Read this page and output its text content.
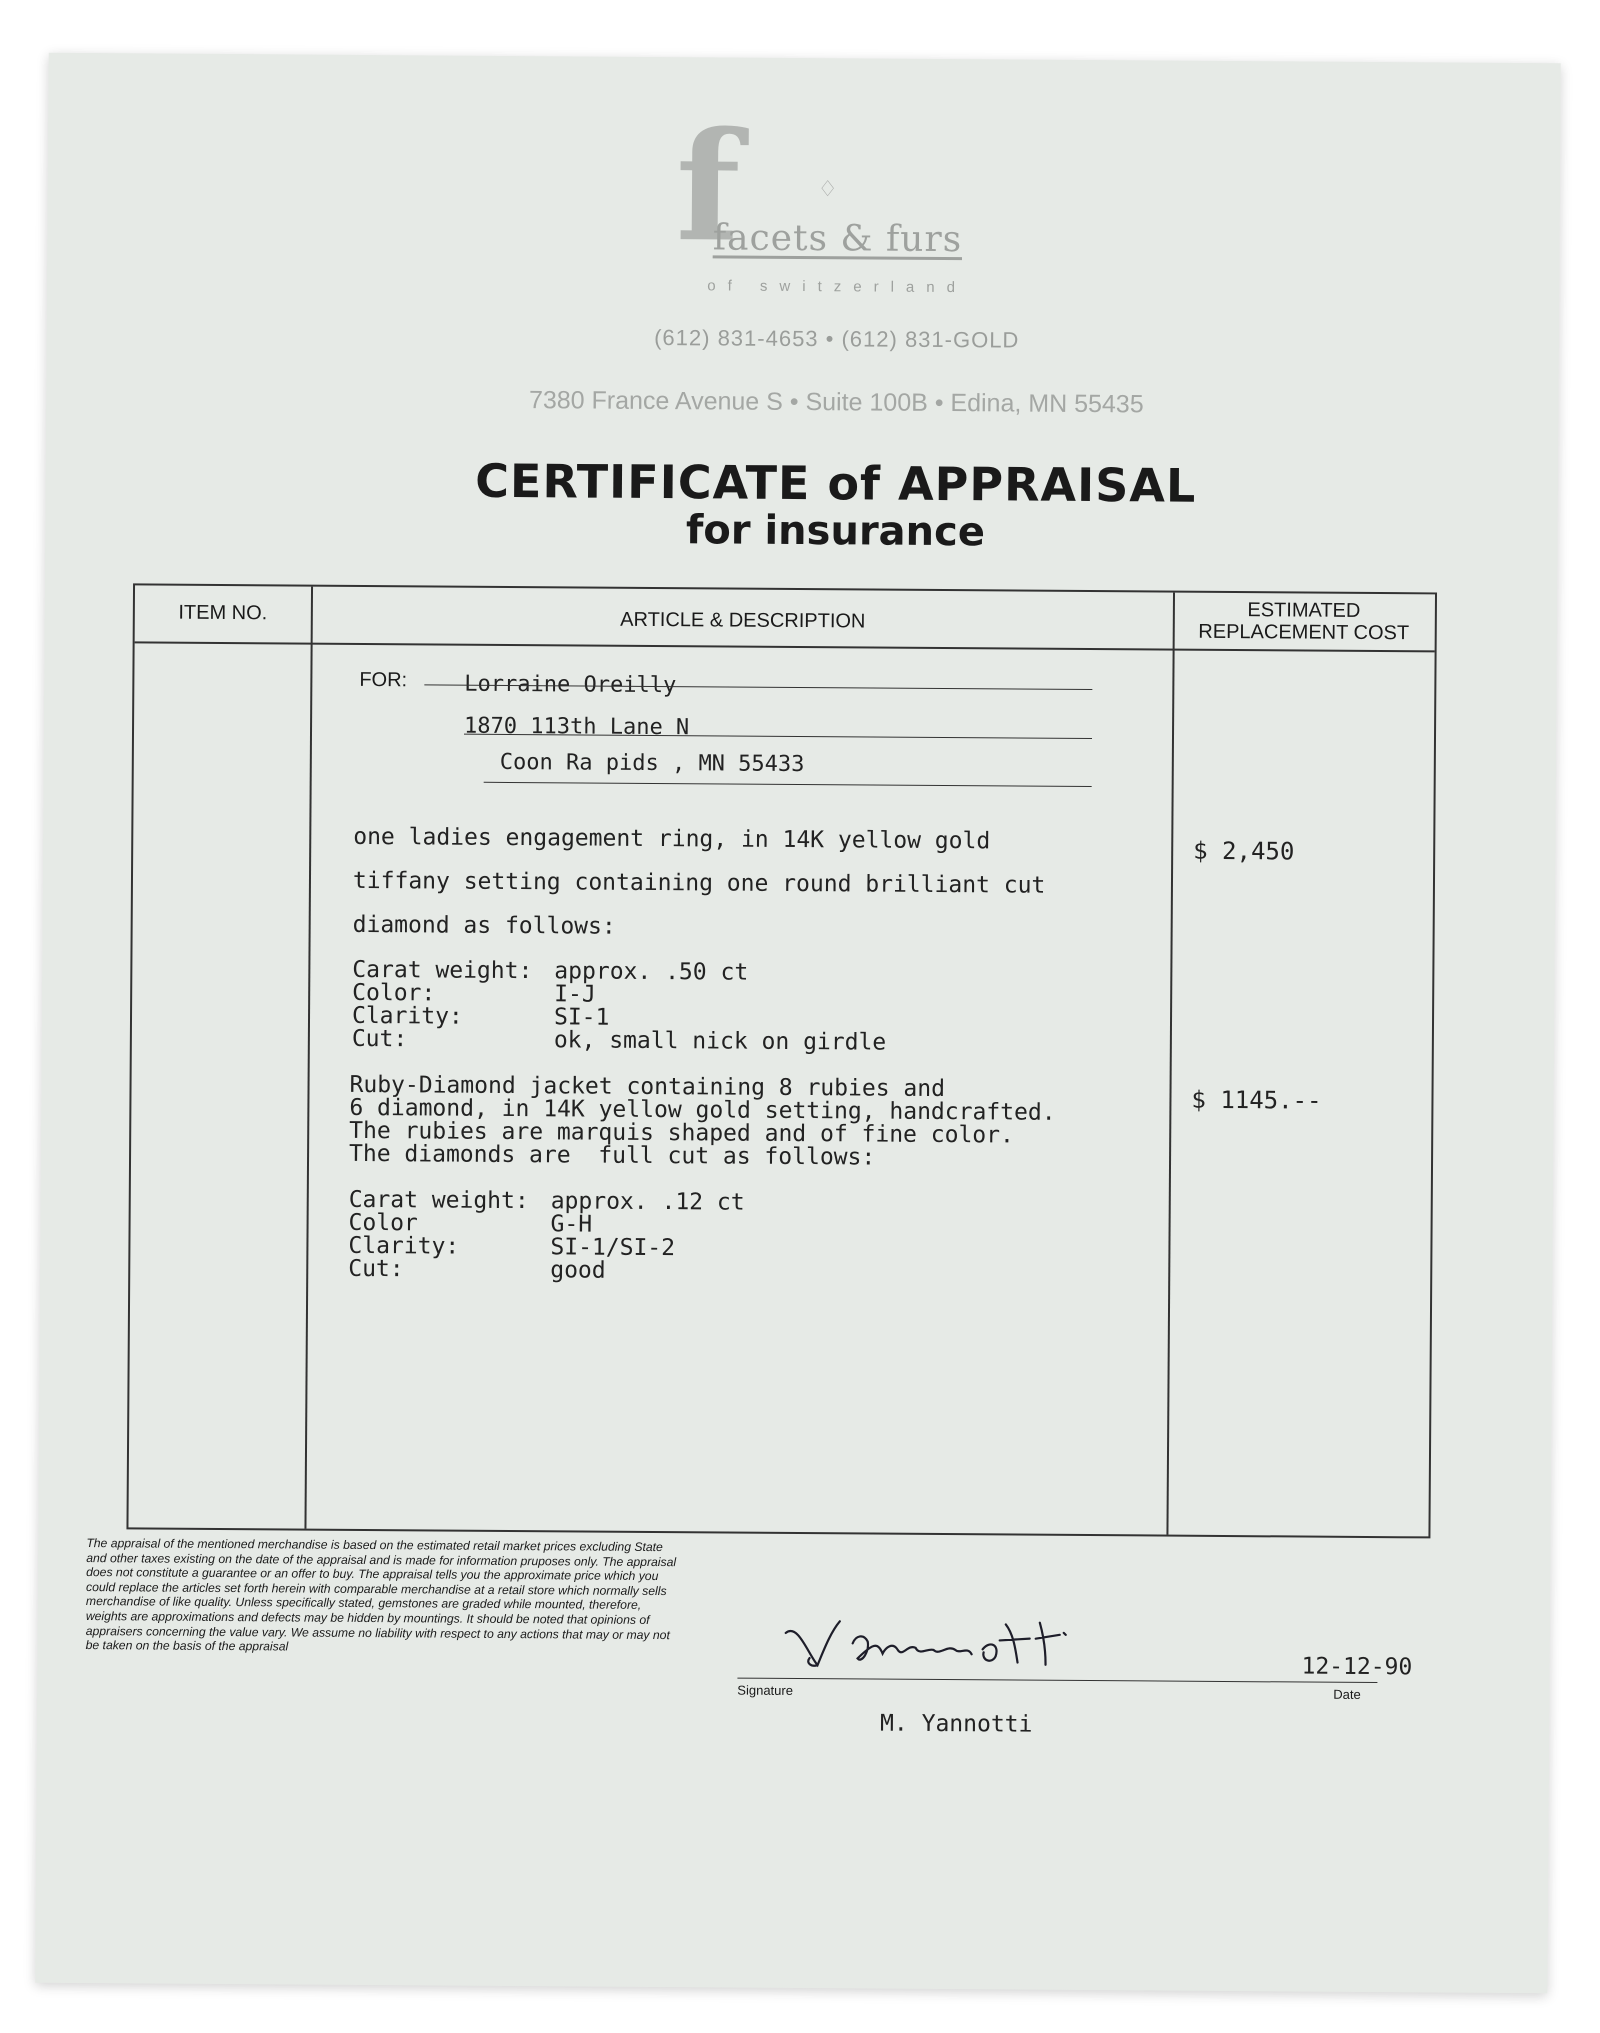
f	♢
facets & furs
of switzerland
(612) 831-4653 • (612) 831-GOLD
7380 France Avenue S • Suite 100B • Edina, MN 55435
CERTIFICATE of APPRAISAL
for insurance
ITEM NO.	ARTICLE & DESCRIPTION	ESTIMATED
REPLACEMENT COST
FOR:	Lorraine Oreilly
1870 113th Lane N
Coon Ra pids , MN 55433
one ladies engagement ring, in 14K yellow gold
tiffany setting containing one round brilliant cut
diamond as follows:
Carat weight: approx. .50 ct
Color:	I-J
Clarity:	SI-1
Cut:	ok, small nick on girdle
$ 2,450
Ruby-Diamond jacket containing 8 rubies and
6 diamond, in 14K yellow gold setting, handcrafted.
The rubies are marquis shaped and of fine color.
The diamonds are  full cut as follows:
Carat weight: approx. .12 ct
Color	G-H
Clarity:	SI-1/SI-2
Cut:	good
$ 1145.--
The appraisal of the mentioned merchandise is based on the estimated retail market prices excluding State and other taxes existing on the date of the appraisal and is made for information pruposes only. The appraisal does not constitute a guarantee or an offer to buy. The appraisal tells you the approximate price which you could replace the articles set forth herein with comparable merchandise at a retail store which normally sells merchandise of like quality. Unless specifically stated, gemstones are graded while mounted, therefore, weights are approximations and defects may be hidden by mountings. It should be noted that opinions of appraisers concerning the value vary. We assume no liability with respect to any actions that may or may not be taken on the basis of the appraisal
Signature	Date
12-12-90
M. Yannotti
